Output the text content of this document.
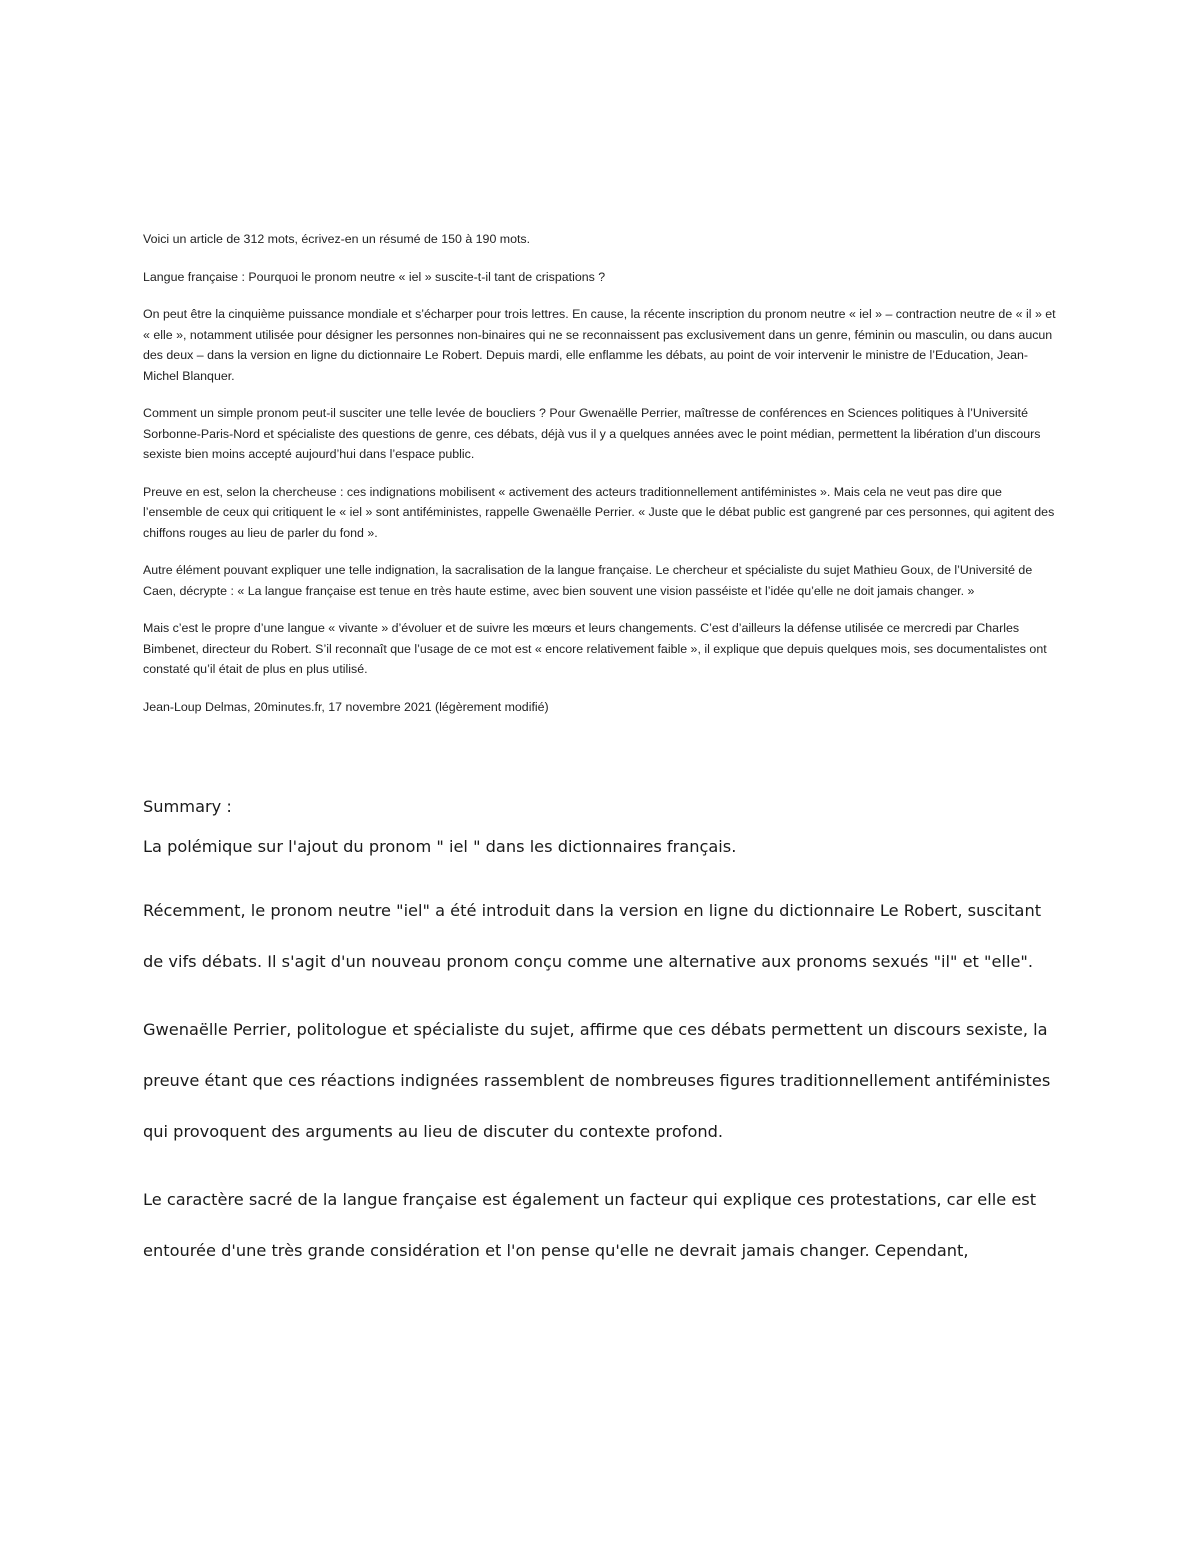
Voici un article de 312 mots, écrivez-en un résumé de 150 à 190 mots.

Langue française : Pourquoi le pronom neutre « iel » suscite-t-il tant de crispations ?

On peut être la cinquième puissance mondiale et s’écharper pour trois lettres. En cause, la récente inscription du pronom neutre « iel » – contraction neutre de « il » et « elle », notamment utilisée pour désigner les personnes non-binaires qui ne se reconnaissent pas exclusivement dans un genre, féminin ou masculin, ou dans aucun des deux – dans la version en ligne du dictionnaire Le Robert. Depuis mardi, elle enflamme les débats, au point de voir intervenir le ministre de l’Education, Jean-Michel Blanquer.

Comment un simple pronom peut-il susciter une telle levée de boucliers ? Pour Gwenaëlle Perrier, maîtresse de conférences en Sciences politiques à l’Université Sorbonne-Paris-Nord et spécialiste des questions de genre, ces débats, déjà vus il y a quelques années avec le point médian, permettent la libération d’un discours sexiste bien moins accepté aujourd’hui dans l’espace public.

Preuve en est, selon la chercheuse : ces indignations mobilisent « activement des acteurs traditionnellement antiféministes ». Mais cela ne veut pas dire que l’ensemble de ceux qui critiquent le « iel » sont antiféministes, rappelle Gwenaëlle Perrier. « Juste que le débat public est gangrené par ces personnes, qui agitent des chiffons rouges au lieu de parler du fond ».

Autre élément pouvant expliquer une telle indignation, la sacralisation de la langue française. Le chercheur et spécialiste du sujet Mathieu Goux, de l’Université de Caen, décrypte : « La langue française est tenue en très haute estime, avec bien souvent une vision passéiste et l’idée qu’elle ne doit jamais changer. »

Mais c’est le propre d’une langue « vivante » d’évoluer et de suivre les mœurs et leurs changements. C’est d’ailleurs la défense utilisée ce mercredi par Charles Bimbenet, directeur du Robert. S’il reconnaît que l’usage de ce mot est « encore relativement faible », il explique que depuis quelques mois, ses documentalistes ont constaté qu’il était de plus en plus utilisé.

Jean-Loup Delmas, 20minutes.fr, 17 novembre 2021 (légèrement modifié)

Summary :

La polémique sur l'ajout du pronom " iel " dans les dictionnaires français.

Récemment, le pronom neutre "iel" a été introduit dans la version en ligne du dictionnaire Le Robert, suscitant de vifs débats. Il s'agit d'un nouveau pronom conçu comme une alternative aux pronoms sexués "il" et "elle".

Gwenaëlle Perrier, politologue et spécialiste du sujet, affirme que ces débats permettent un discours sexiste, la preuve étant que ces réactions indignées rassemblent de nombreuses figures traditionnellement antiféministes qui provoquent des arguments au lieu de discuter du contexte profond.

Le caractère sacré de la langue française est également un facteur qui explique ces protestations, car elle est entourée d'une très grande considération et l'on pense qu'elle ne devrait jamais changer. Cependant,
